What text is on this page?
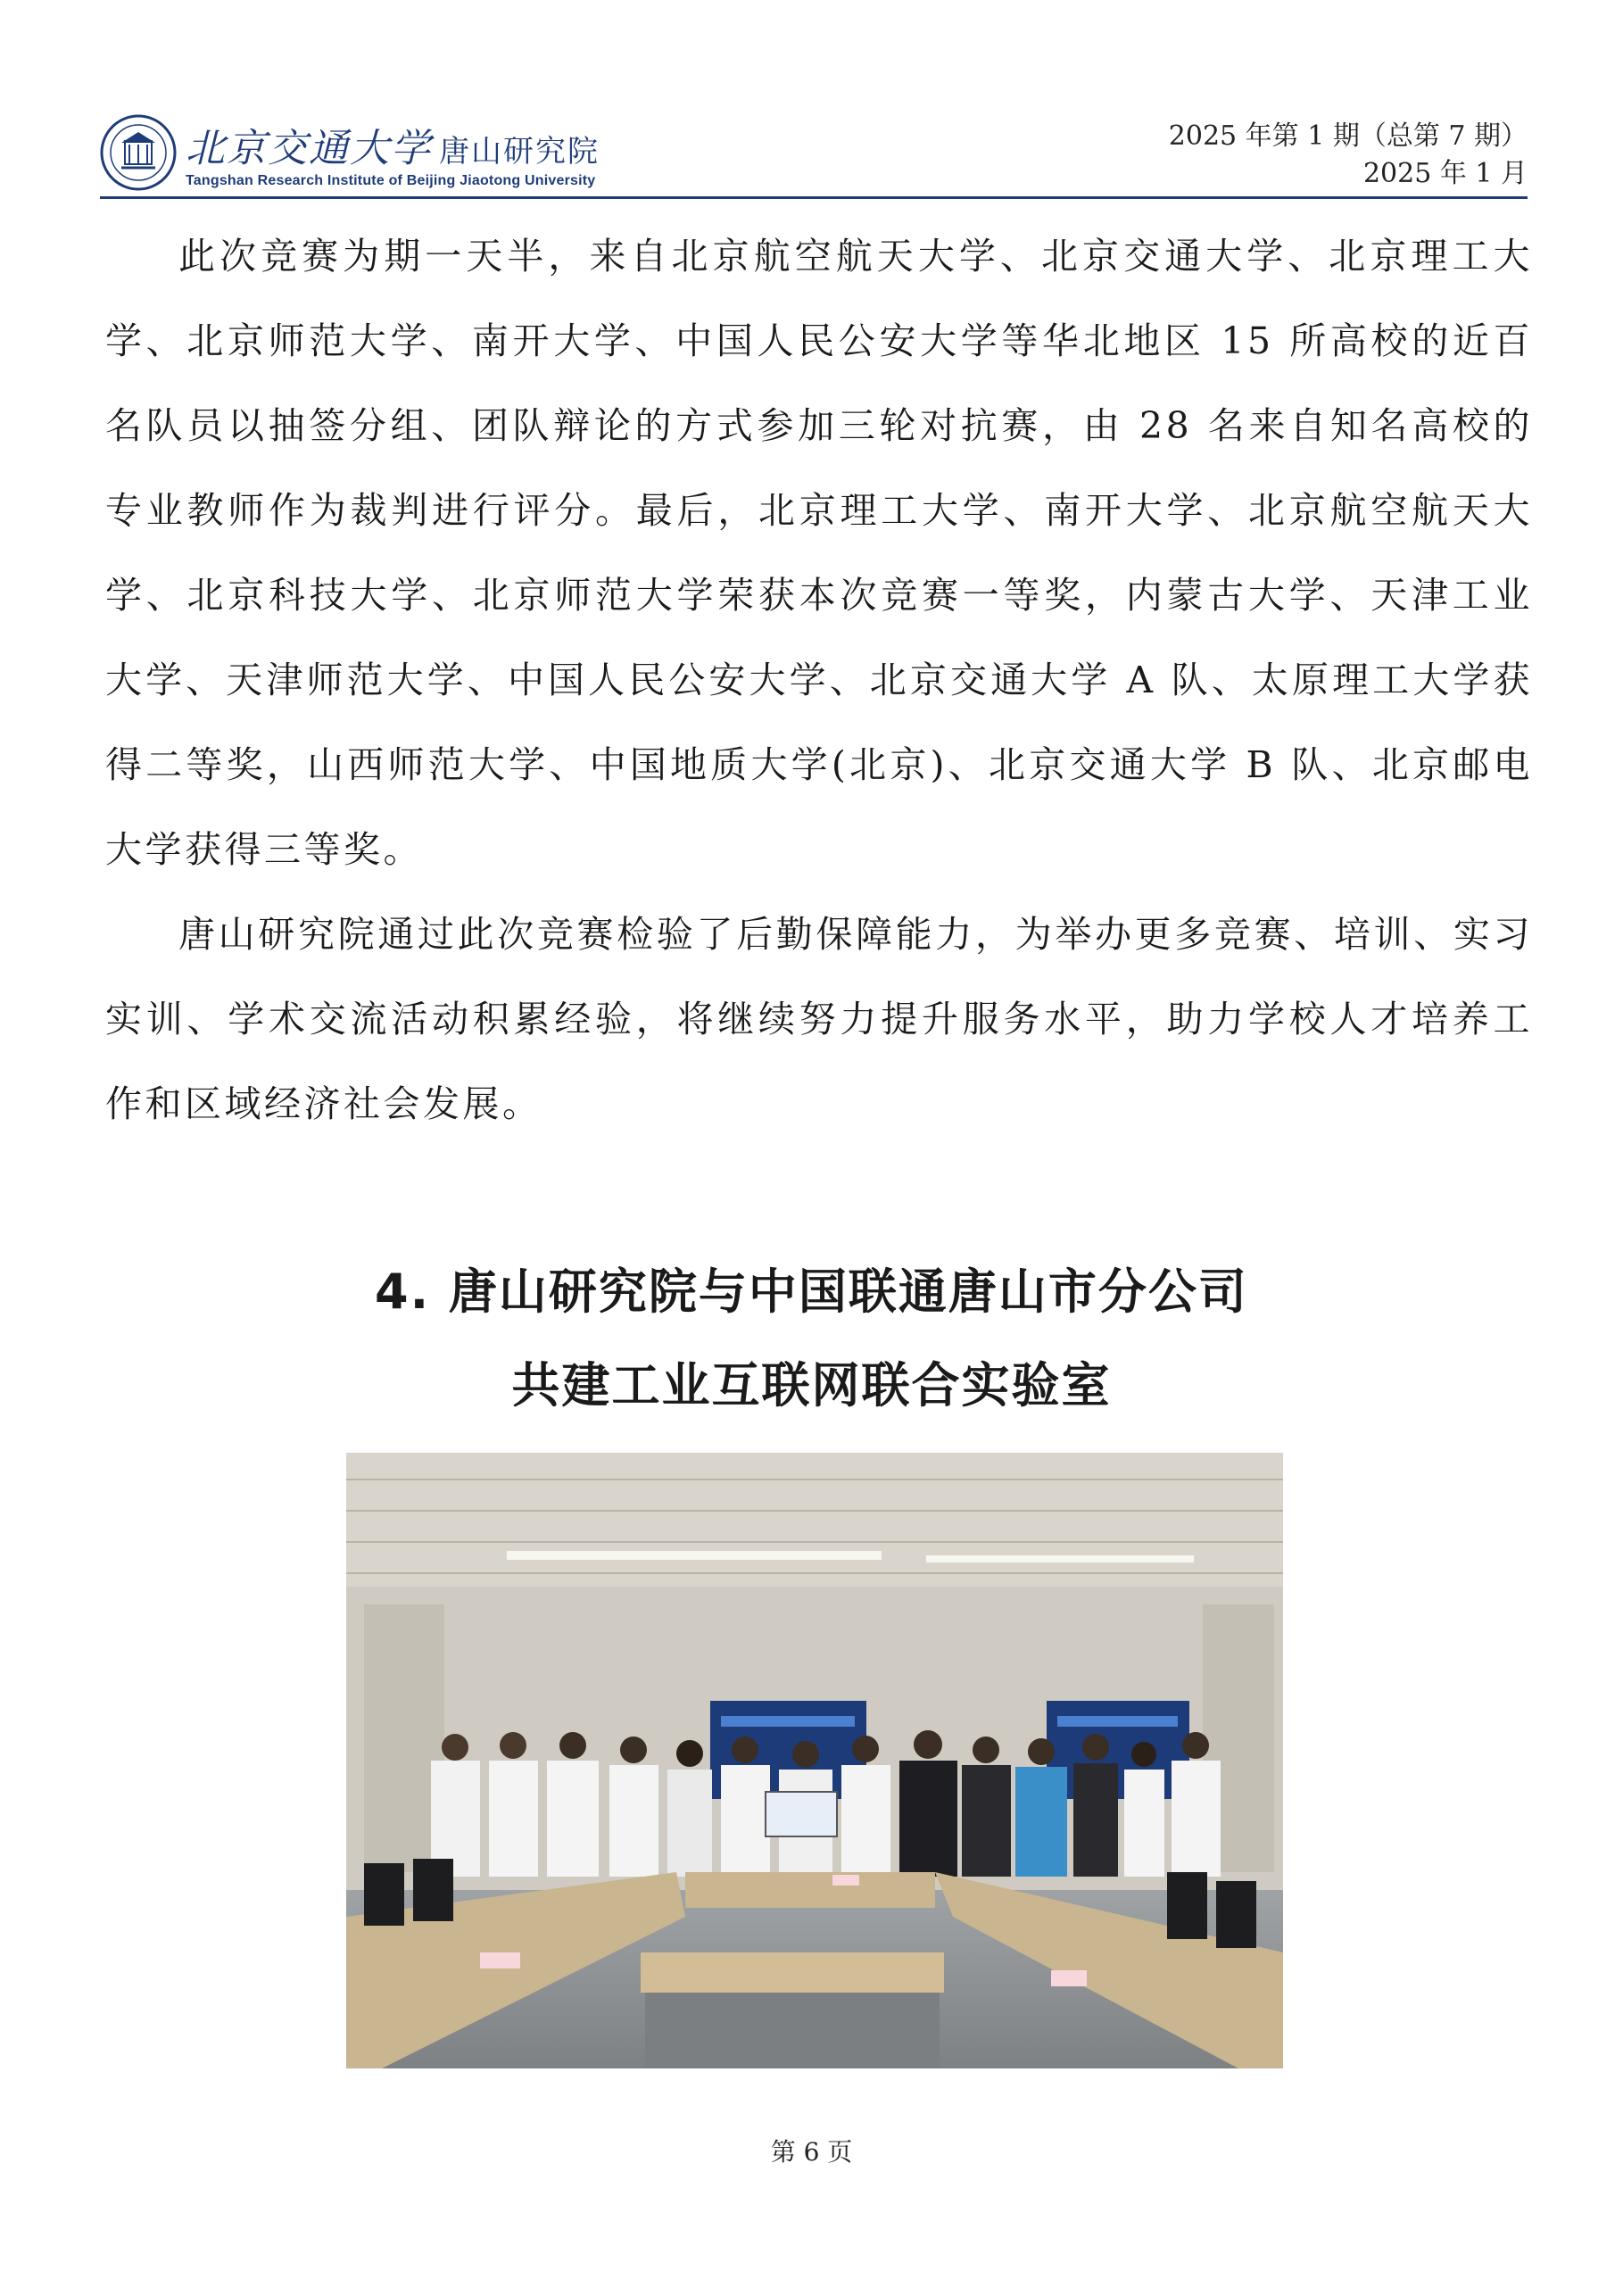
北京交通大学 唐山研究院
Tangshan Research Institute of Beijing Jiaotong University
2025 年第 1 期（总第 7 期）
2025 年 1 月

此次竞赛为期一天半，来自北京航空航天大学、北京交通大学、北京理工大学、北京师范大学、南开大学、中国人民公安大学等华北地区 15 所高校的近百名队员以抽签分组、团队辩论的方式参加三轮对抗赛，由 28 名来自知名高校的专业教师作为裁判进行评分。最后，北京理工大学、南开大学、北京航空航天大学、北京科技大学、北京师范大学荣获本次竞赛一等奖，内蒙古大学、天津工业大学、天津师范大学、中国人民公安大学、北京交通大学 A 队、太原理工大学获得二等奖，山西师范大学、中国地质大学(北京)、北京交通大学 B 队、北京邮电大学获得三等奖。

唐山研究院通过此次竞赛检验了后勤保障能力，为举办更多竞赛、培训、实习实训、学术交流活动积累经验，将继续努力提升服务水平，助力学校人才培养工作和区域经济社会发展。

4. 唐山研究院与中国联通唐山市分公司
共建工业互联网联合实验室
第 6 页
